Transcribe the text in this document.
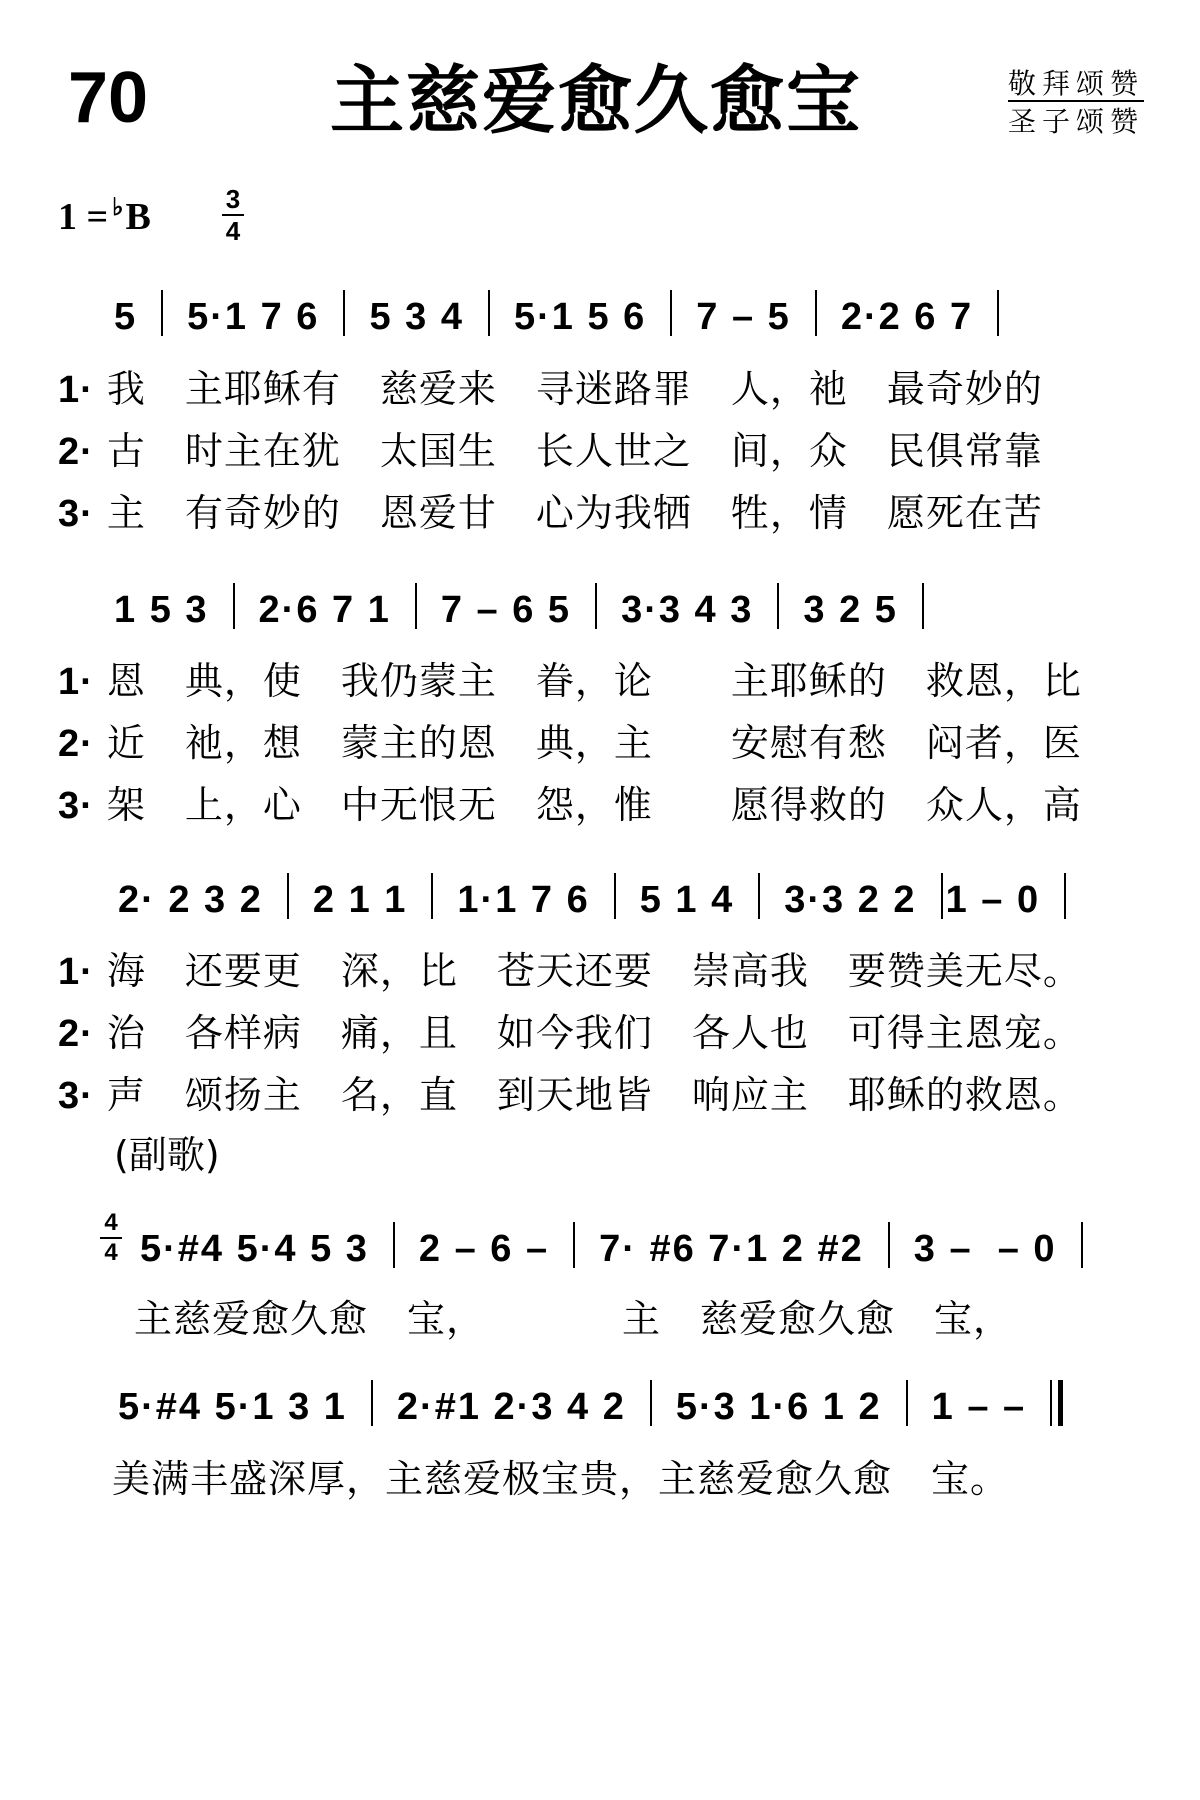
70 主慈爱愈久愈宝	敬拜颂赞
圣子颂赞
1 = ♭B	3
4
5 5·1 7 6 5 3 4 5·1 5 6 7 – 5 2·2 6 7
1· 我　主耶稣有　慈爱来　寻迷路罪　人，祂　最奇妙的
2· 古　时主在犹　太国生　长人世之　间，众　民俱常靠
3· 主　有奇妙的　恩爱甘　心为我牺　牲，情　愿死在苦
1 5 3 2·6 7 1 7 – 6 5 3·3 4 3 3 2 5
1· 恩　典，使　我仍蒙主　眷，论　　主耶稣的　救恩，比
2· 近　祂，想　蒙主的恩　典，主　　安慰有愁　闷者，医
3· 架　上，心　中无恨无　怨，惟　　愿得救的　众人，高
2· 2 3 2 2 1 1 1·1 7 6 5 1 4 3·3 2 2 1 – 0
1· 海　还要更　深，比　苍天还要　崇高我　要赞美无尽。
2· 治　各样病　痛，且　如今我们　各人也　可得主恩宠。
3· 声　颂扬主　名，直　到天地皆　响应主　耶稣的救恩。
(副歌)
4
4 5·#4 5·4 5 3 2 – 6 – 7· #6 7·1 2 #2 3 –  – 0
主慈爱愈久愈　宝，　　　　主　慈爱愈久愈　宝，
5·#4 5·1 3 1 2·#1 2·3 4 2 5·3 1·6 1 2 1 – –
美满丰盛深厚，主慈爱极宝贵，主慈爱愈久愈　宝。
